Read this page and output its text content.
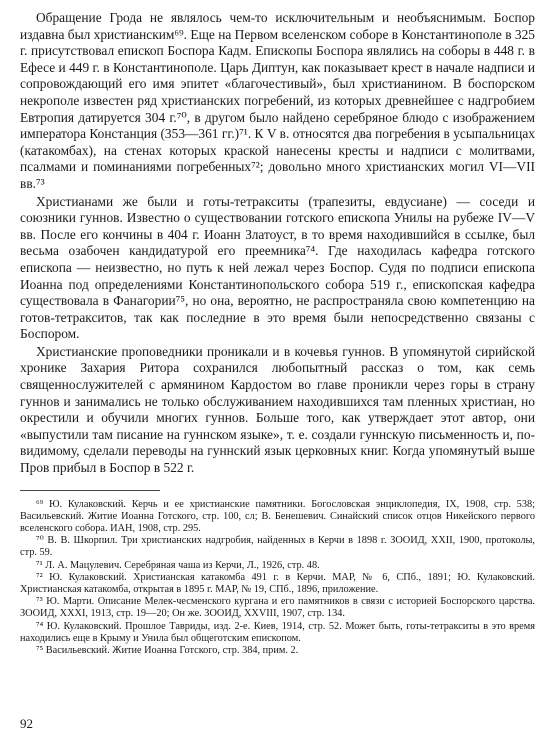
Обращение Грода не являлось чем-то исключительным и необъяснимым. Боспор издавна был христианским⁶⁹. Еще на Первом вселенском соборе в Константинополе в 325 г. присутствовал епископ Боспора Кадм. Епископы Боспора являлись на соборы в 448 г. в Ефесе и 449 г. в Константинополе. Царь Диптун, как показывает крест в начале надписи и сопровождающий его имя эпитет «благочестивый», был христианином. В боспорском некрополе известен ряд христианских погребений, из которых древнейшее с надгробием Евтропия датируется 304 г.⁷⁰, в другом было найдено серебряное блюдо с изображением императора Констанция (353—361 гг.)⁷¹. К V в. относятся два погребения в усыпальницах (катакомбах), на стенах которых краской нанесены кресты и надписи с молитвами, псалмами и поминаниями погребенных⁷²; довольно много христианских могил VI—VII вв.⁷³

Христианами же были и готы-тетракситы (трапезиты, евдусиане) — соседи и союзники гуннов. Известно о существовании готского епископа Унилы на рубеже IV—V вв. После его кончины в 404 г. Иоанн Златоуст, в то время находившийся в ссылке, был весьма озабочен кандидатурой его преемника⁷⁴. Где находилась кафедра готского епископа — неизвестно, но путь к ней лежал через Боспор. Судя по подписи епископа Иоанна под определениями Константинопольского собора 519 г., епископская кафедра существовала в Фанагории⁷⁵, но она, вероятно, не распространяла свою компетенцию на готов-тетракситов, так как последние в это время были непосредственно связаны с Боспором.

Христианские проповедники проникали и в кочевья гуннов. В упомянутой сирийской хронике Захария Ритора сохранился любопытный рассказ о том, как семь священнослужителей с армянином Кардостом во главе проникли через горы в страну гуннов и занимались не только обслуживанием находившихся там пленных христиан, но окрестили и обучили многих гуннов. Больше того, как утверждает этот автор, они «выпустили там писание на гуннском языке», т. е. создали гуннскую письменность и, по-видимому, сделали переводы на гуннский язык церковных книг. Когда упомянутый выше Пров прибыл в Боспор в 522 г.

⁶⁹ Ю. Кулаковский. Керчь и ее христианские памятники. Богословская энциклопедия, IX, 1908, стр. 538; Васильевский. Житие Иоанна Готского, стр. 100, сл; В. Бенешевич. Синайский список отцов Никейского первого вселенского собора. ИАН, 1908, стр. 295.

⁷⁰ В. В. Шкорпил. Три христианских надгробия, найденных в Керчи в 1898 г. ЗООИД, XXII, 1900, протоколы, стр. 59.

⁷¹ Л. А. Мацулевич. Серебряная чаша из Керчи, Л., 1926, стр. 48.

⁷² Ю. Кулаковский. Христианская катакомба 491 г. в Керчи. МАР, № 6, СПб., 1891; Ю. Кулаковский. Христианская катакомба, открытая в 1895 г. МАР, № 19, СПб., 1896, приложение.

⁷³ Ю. Марти. Описание Мелек-чесменского кургана и его памятников в связи с историей Боспорского царства. ЗООИД, XXXI, 1913, стр. 19—20; Он же. ЗООИД, XXVIII, 1907, стр. 134.

⁷⁴ Ю. Кулаковский. Прошлое Тавриды, изд. 2-е. Киев, 1914, стр. 52. Может быть, готы-тетракситы в это время находились еще в Крыму и Унила был общеготским епископом.

⁷⁵ Васильевский. Житие Иоанна Готского, стр. 384, прим. 2.

92
